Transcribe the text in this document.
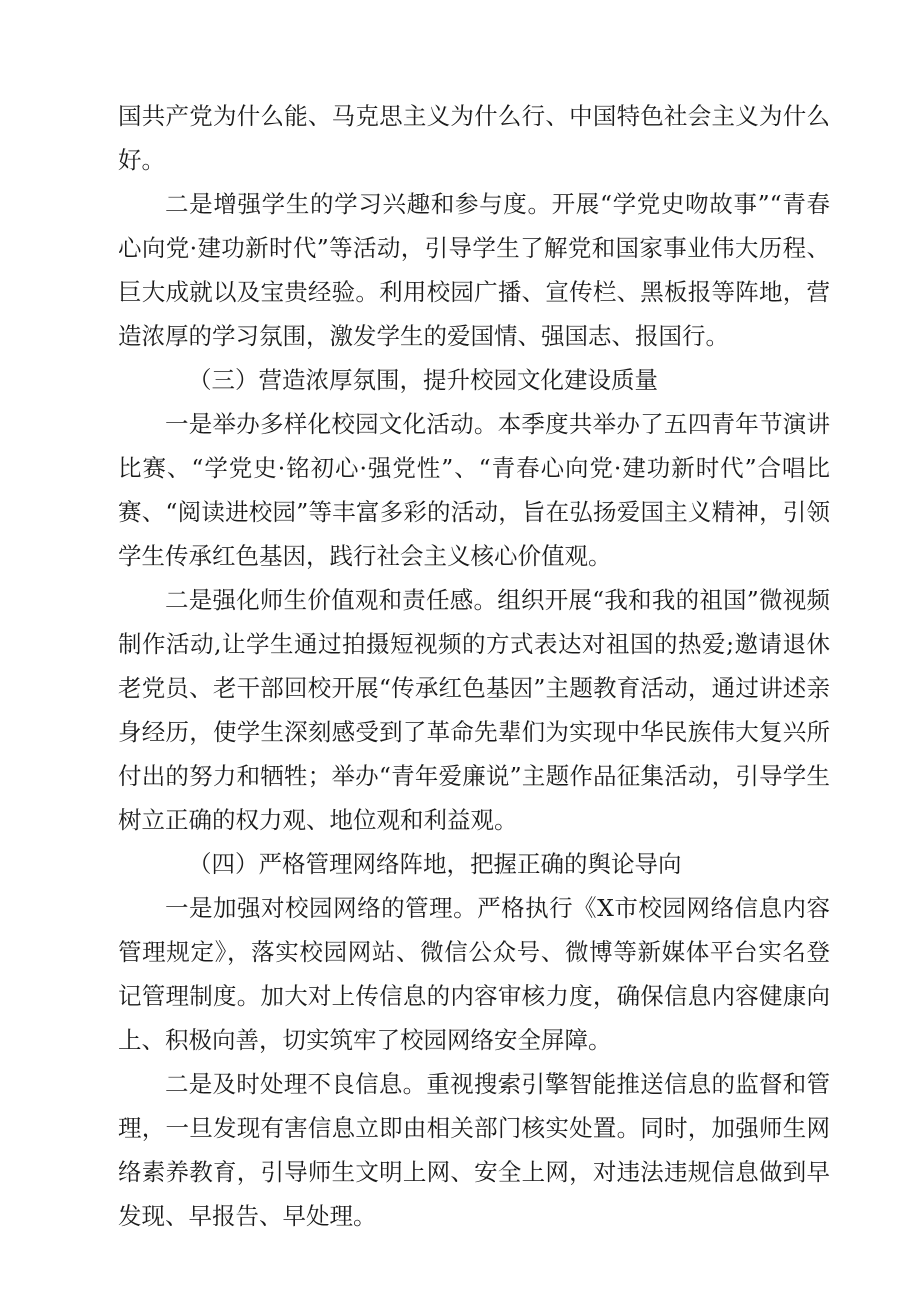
国共产党为什么能、马克思主义为什么行、中国特色社会主义为什么好。

二是增强学生的学习兴趣和参与度。开展“学党史吻故事”“青春心向党·建功新时代”等活动，引导学生了解党和国家事业伟大历程、巨大成就以及宝贵经验。利用校园广播、宣传栏、黑板报等阵地，营造浓厚的学习氛围，激发学生的爱国情、强国志、报国行。

（三）营造浓厚氛围，提升校园文化建设质量

一是举办多样化校园文化活动。本季度共举办了五四青年节演讲比赛、“学党史·铭初心·强党性”、“青春心向党·建功新时代”合唱比赛、“阅读进校园”等丰富多彩的活动，旨在弘扬爱国主义精神，引领学生传承红色基因，践行社会主义核心价值观。

二是强化师生价值观和责任感。组织开展“我和我的祖国”微视频制作活动,让学生通过拍摄短视频的方式表达对祖国的热爱;邀请退休老党员、老干部回校开展“传承红色基因”主题教育活动，通过讲述亲身经历，使学生深刻感受到了革命先辈们为实现中华民族伟大复兴所付出的努力和牺牲；举办“青年爱廉说”主题作品征集活动，引导学生树立正确的权力观、地位观和利益观。

（四）严格管理网络阵地，把握正确的舆论导向

一是加强对校园网络的管理。严格执行《X市校园网络信息内容管理规定》，落实校园网站、微信公众号、微博等新媒体平台实名登记管理制度。加大对上传信息的内容审核力度，确保信息内容健康向上、积极向善，切实筑牢了校园网络安全屏障。

二是及时处理不良信息。重视搜索引擎智能推送信息的监督和管理，一旦发现有害信息立即由相关部门核实处置。同时，加强师生网络素养教育，引导师生文明上网、安全上网，对违法违规信息做到早发现、早报告、早处理。
